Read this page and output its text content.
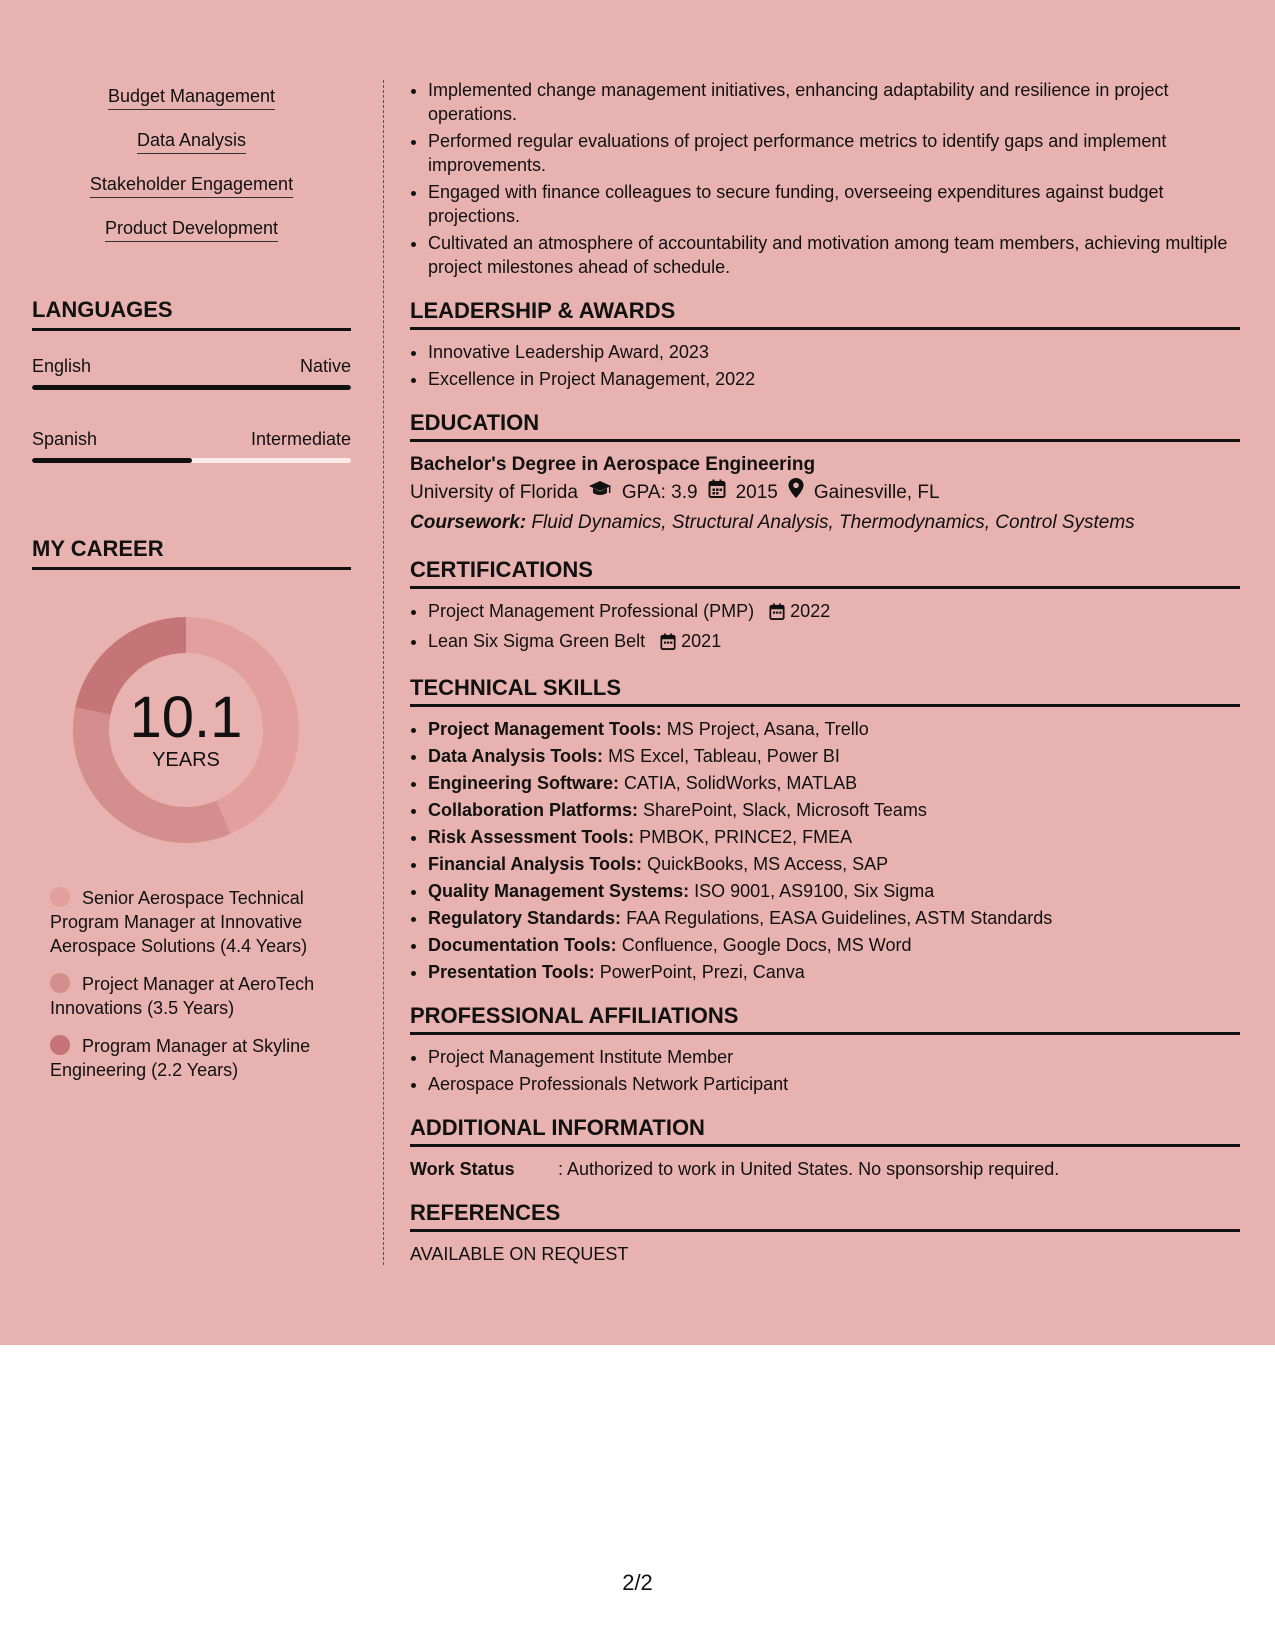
Budget Management
Data Analysis
Stakeholder Engagement
Product Development
LANGUAGES
English	Native
Spanish	Intermediate
MY CAREER
10.1
YEARS
Senior Aerospace Technical Program Manager at Innovative Aerospace Solutions (4.4 Years)
Project Manager at AeroTech Innovations (3.5 Years)
Program Manager at Skyline Engineering (2.2 Years)
• Implemented change management initiatives, enhancing adaptability and resilience in project operations.
• Performed regular evaluations of project performance metrics to identify gaps and implement improvements.
• Engaged with finance colleagues to secure funding, overseeing expenditures against budget projections.
• Cultivated an atmosphere of accountability and motivation among team members, achieving multiple project milestones ahead of schedule.
LEADERSHIP & AWARDS
• Innovative Leadership Award, 2023
• Excellence in Project Management, 2022
EDUCATION
Bachelor's Degree in Aerospace Engineering
University of Florida GPA: 3.9 2015 Gainesville, FL
Coursework: Fluid Dynamics, Structural Analysis, Thermodynamics, Control Systems
CERTIFICATIONS
• Project Management Professional (PMP) 2022
• Lean Six Sigma Green Belt 2021
TECHNICAL SKILLS
• Project Management Tools: MS Project, Asana, Trello
• Data Analysis Tools: MS Excel, Tableau, Power BI
• Engineering Software: CATIA, SolidWorks, MATLAB
• Collaboration Platforms: SharePoint, Slack, Microsoft Teams
• Risk Assessment Tools: PMBOK, PRINCE2, FMEA
• Financial Analysis Tools: QuickBooks, MS Access, SAP
• Quality Management Systems: ISO 9001, AS9100, Six Sigma
• Regulatory Standards: FAA Regulations, EASA Guidelines, ASTM Standards
• Documentation Tools: Confluence, Google Docs, MS Word
• Presentation Tools: PowerPoint, Prezi, Canva
PROFESSIONAL AFFILIATIONS
• Project Management Institute Member
• Aerospace Professionals Network Participant
ADDITIONAL INFORMATION
Work Status	: Authorized to work in United States. No sponsorship required.
REFERENCES
AVAILABLE ON REQUEST
2/2
